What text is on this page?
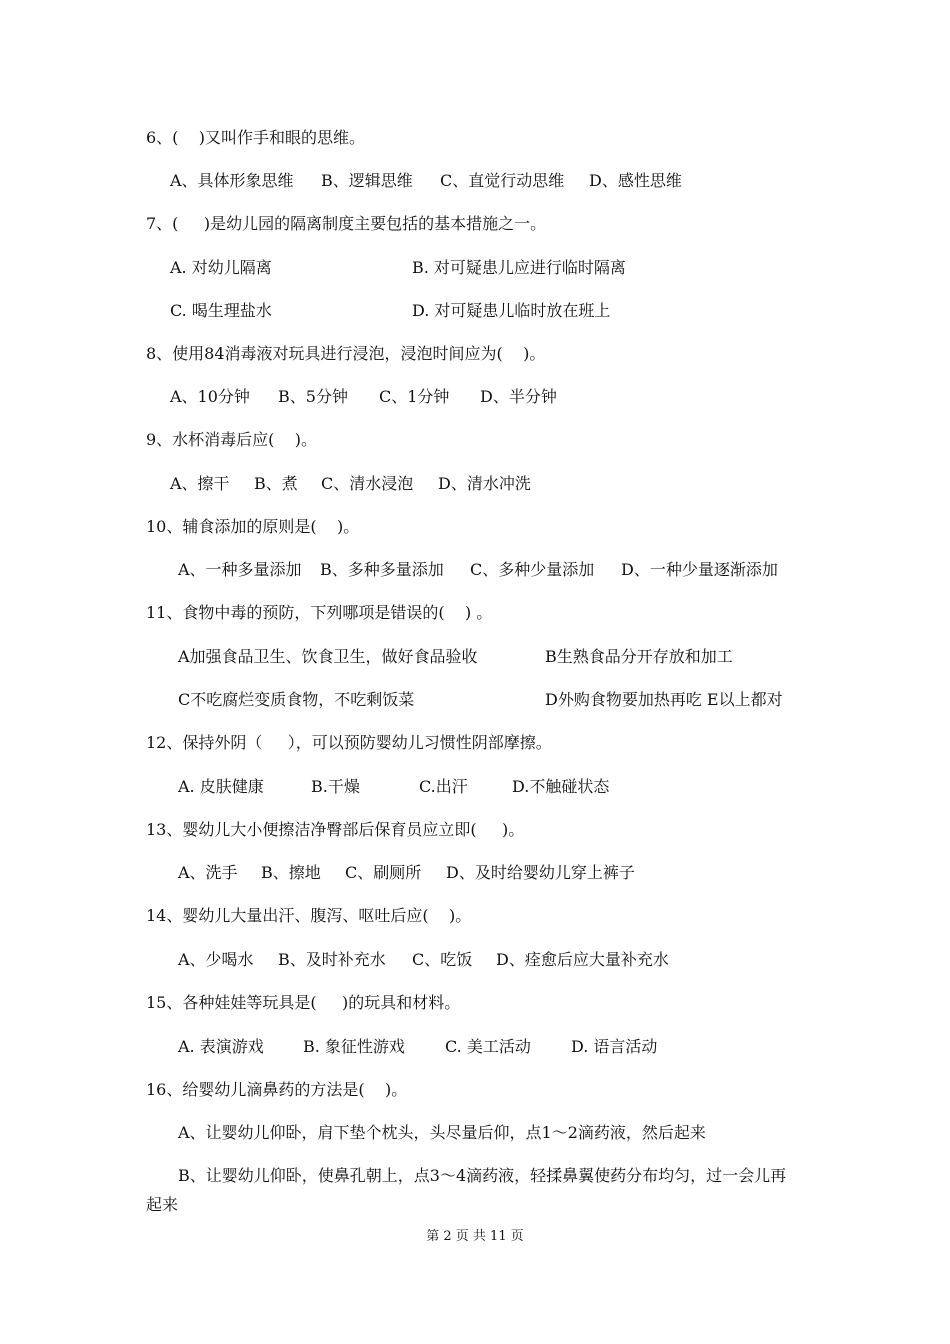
6、(    )又叫作手和眼的思维。
A、具体形象思维 B、逻辑思维 C、直觉行动思维 D、感性思维
7、(     )是幼儿园的隔离制度主要包括的基本措施之一。
A. 对幼儿隔离	B. 对可疑患儿应进行临时隔离
C. 喝生理盐水	D. 对可疑患儿临时放在班上
8、使用84消毒液对玩具进行浸泡，浸泡时间应为(    )。
A、10分钟 B、5分钟 C、1分钟 D、半分钟
9、水杯消毒后应(    )。
A、擦干 B、煮 C、清水浸泡 D、清水冲洗
10、辅食添加的原则是(    )。
A、一种多量添加 B、多种多量添加 C、多种少量添加 D、一种少量逐渐添加
11、食物中毒的预防，下列哪项是错误的(    ) 。
A加强食品卫生、饮食卫生，做好食品验收	B生熟食品分开存放和加工
C不吃腐烂变质食物，不吃剩饭菜	D外购食物要加热再吃 E以上都对
12、保持外阴（     ），可以预防婴幼儿习惯性阴部摩擦。
A. 皮肤健康	B.干燥	C.出汗	D.不触碰状态
13、婴幼儿大小便擦洁净臀部后保育员应立即(     )。
A、洗手 B、擦地 C、刷厕所 D、及时给婴幼儿穿上裤子
14、婴幼儿大量出汗、腹泻、呕吐后应(    )。
A、少喝水 B、及时补充水 C、吃饭 D、痊愈后应大量补充水
15、各种娃娃等玩具是(     )的玩具和材料。
A. 表演游戏 B. 象征性游戏	C. 美工活动	D. 语言活动
16、给婴幼儿滴鼻药的方法是(    )。
A、让婴幼儿仰卧，肩下垫个枕头，头尽量后仰，点1～2滴药液，然后起来
B、让婴幼儿仰卧，使鼻孔朝上，点3～4滴药液，轻揉鼻翼使药分布均匀，过一会儿再
起来
第 2 页 共 11 页
